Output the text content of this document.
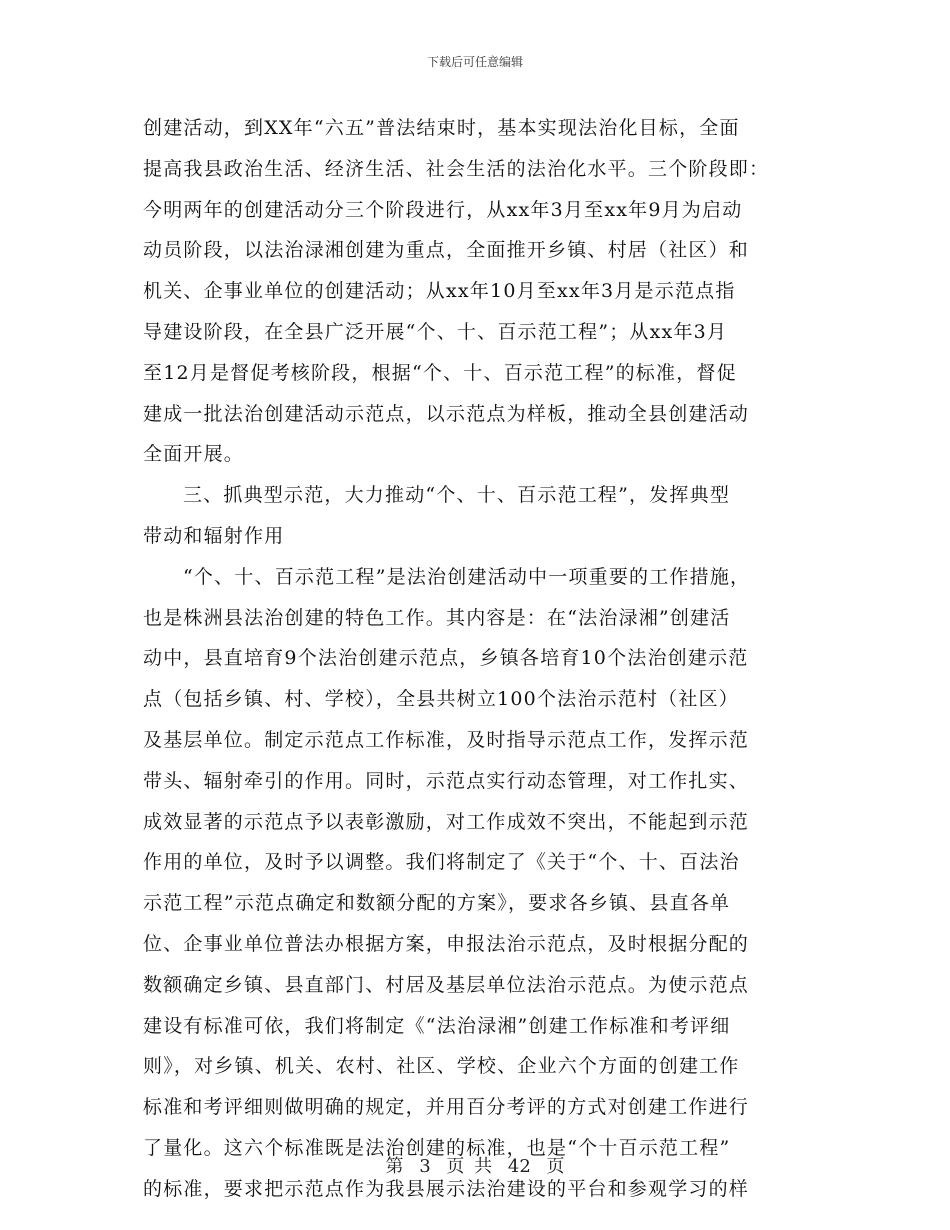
下载后可任意编辑
创建活动，到XX年“六五”普法结束时，基本实现法治化目标，全面
提高我县政治生活、经济生活、社会生活的法治化水平。三个阶段即：
今明两年的创建活动分三个阶段进行，从xx年3月至xx年9月为启动
动员阶段，以法治渌湘创建为重点，全面推开乡镇、村居（社区）和
机关、企事业单位的创建活动；从xx年10月至xx年3月是示范点指
导建设阶段，在全县广泛开展“个、十、百示范工程”；从xx年3月
至12月是督促考核阶段，根据“个、十、百示范工程”的标准，督促
建成一批法治创建活动示范点，以示范点为样板，推动全县创建活动
全面开展。
三、抓典型示范，大力推动“个、十、百示范工程”，发挥典型
带动和辐射作用
“个、十、百示范工程”是法治创建活动中一项重要的工作措施，
也是株洲县法治创建的特色工作。其内容是：在“法治渌湘”创建活
动中，县直培育9个法治创建示范点，乡镇各培育10个法治创建示范
点（包括乡镇、村、学校），全县共树立100个法治示范村（社区）
及基层单位。制定示范点工作标准，及时指导示范点工作，发挥示范
带头、辐射牵引的作用。同时，示范点实行动态管理，对工作扎实、
成效显著的示范点予以表彰激励，对工作成效不突出，不能起到示范
作用的单位，及时予以调整。我们将制定了《关于“个、十、百法治
示范工程”示范点确定和数额分配的方案》，要求各乡镇、县直各单
位、企事业单位普法办根据方案，申报法治示范点，及时根据分配的
数额确定乡镇、县直部门、村居及基层单位法治示范点。为使示范点
建设有标准可依，我们将制定《“法治渌湘”创建工作标准和考评细
则》，对乡镇、机关、农村、社区、学校、企业六个方面的创建工作
标准和考评细则做明确的规定，并用百分考评的方式对创建工作进行
了量化。这六个标准既是法治创建的标准，也是“个十百示范工程”
的标准，要求把示范点作为我县展示法治建设的平台和参观学习的样
第 3 页 共 42 页
